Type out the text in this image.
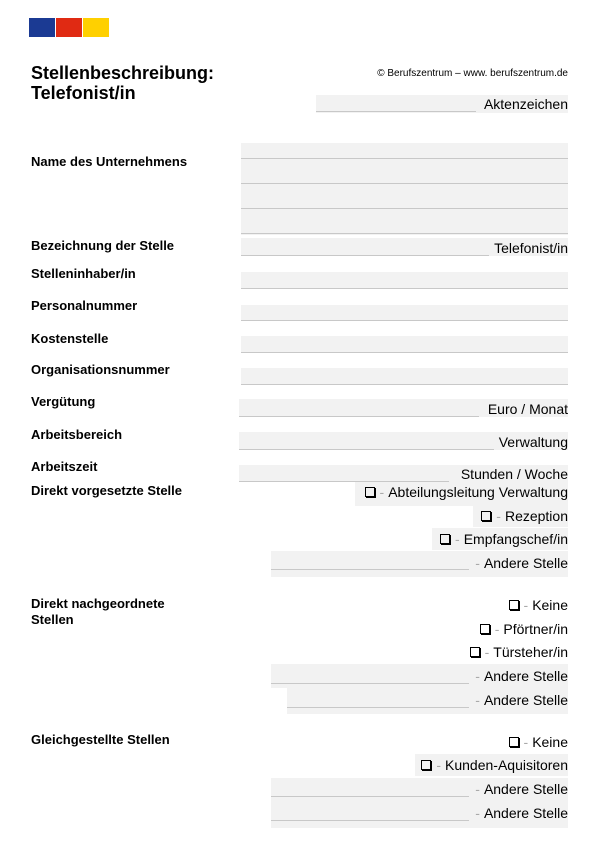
Stellenbeschreibung:
Telefonist/in
© Berufszentrum – www. berufszentrum.de
Aktenzeichen
Name des Unternehmens
Bezeichnung der Stelle	Telefonist/in
Stelleninhaber/in
Personalnummer
Kostenstelle
Organisationsnummer
Vergütung	Euro / Monat
Arbeitsbereich	Verwaltung
Arbeitszeit	Stunden / Woche
Direkt vorgesetzte Stelle	- Abteilungsleitung Verwaltung
- Rezeption
- Empfangschef/in
- Andere Stelle
Direkt nachgeordnete
Stellen
- Keine
- Pförtner/in
- Türsteher/in
- Andere Stelle
- Andere Stelle
Gleichgestellte Stellen	- Keine
- Kunden-Aquisitoren
- Andere Stelle
- Andere Stelle
